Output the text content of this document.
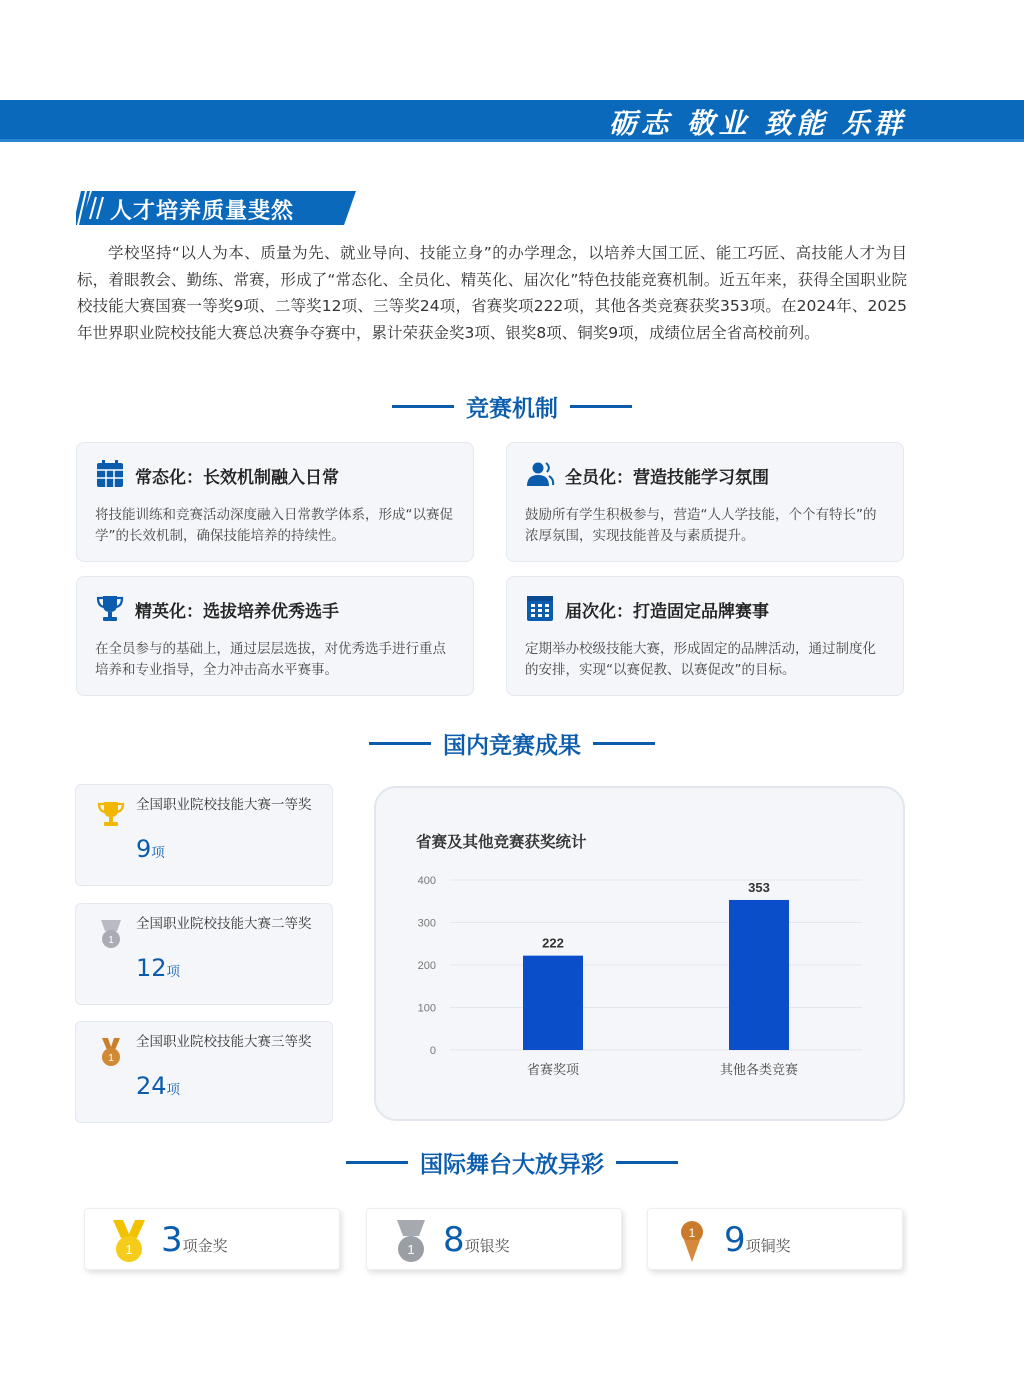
砺志 敬业 致能 乐群
人才培养质量斐然

学校坚持“以人为本、质量为先、就业导向、技能立身”的办学理念，以培养大国工匠、能工巧匠、高技能人才为目标，着眼教会、勤练、常赛，形成了“常态化、全员化、精英化、届次化”特色技能竞赛机制。近五年来，获得全国职业院校技能大赛国赛一等奖9项、二等奖12项、三等奖24项，省赛奖项222项，其他各类竞赛获奖353项。在2024年、2025年世界职业院校技能大赛总决赛争夺赛中，累计荣获金奖3项、银奖8项、铜奖9项，成绩位居全省高校前列。

竞赛机制
常态化：长效机制融入日常
将技能训练和竞赛活动深度融入日常教学体系，形成“以赛促学”的长效机制，确保技能培养的持续性。
全员化：营造技能学习氛围
鼓励所有学生积极参与，营造“人人学技能，个个有特长”的浓厚氛围，实现技能普及与素质提升。
精英化：选拔培养优秀选手
在全员参与的基础上，通过层层选拔，对优秀选手进行重点培养和专业指导，全力冲击高水平赛事。
届次化：打造固定品牌赛事
定期举办校级技能大赛，形成固定的品牌活动，通过制度化的安排，实现“以赛促教、以赛促改”的目标。
国内竞赛成果
全国职业院校技能大赛一等奖
9项
1
全国职业院校技能大赛二等奖
12项
1
全国职业院校技能大赛三等奖
24项
省赛及其他竞赛获奖统计
0
100
200
300
400
222
省赛奖项
353
其他各类竞赛
国际舞台大放异彩
1 3项金奖	1 8项银奖
1 9项铜奖
